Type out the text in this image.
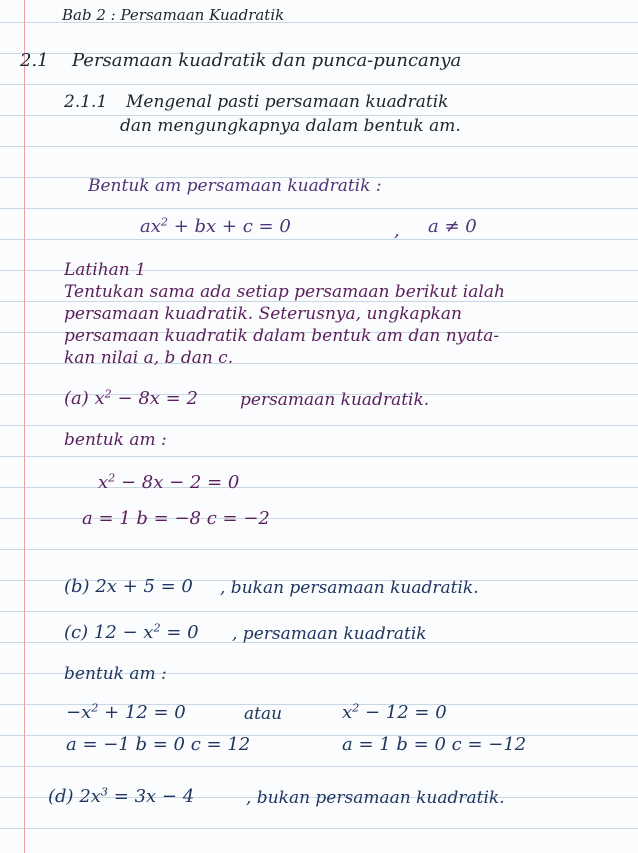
Bab 2 : Persamaan Kuadratik
2.1 Persamaan kuadratik dan punca-puncanya
2.1.1 Mengenal pasti persamaan kuadratik
dan mengungkapnya dalam bentuk am.
Bentuk am persamaan kuadratik :
$ax^2$ + bx + c = 0	, a ≠ 0
Latihan 1
Tentukan sama ada setiap persamaan berikut ialah
persamaan kuadratik. Seterusnya, ungkapkan
persamaan kuadratik dalam bentuk am dan nyata-
kan nilai a, b dan c.
(a) $x^2 - 8x = 2$ persamaan kuadratik.
bentuk am :
$x^2 - 8x - 2 = 0$
a = 1 b = −8 c = −2
(b) 2x + 5 = 0 , bukan persamaan kuadratik.
(c) $12 - x^2 = 0$ , persamaan kuadratik
bentuk am :
$-x^2 + 12 = 0$	atau	$x^2 - 12 = 0$
a = −1 b = 0 c = 12	a = 1 b = 0 c = −12
(d) $2x^3 = 3x - 4$	, bukan persamaan kuadratik.
